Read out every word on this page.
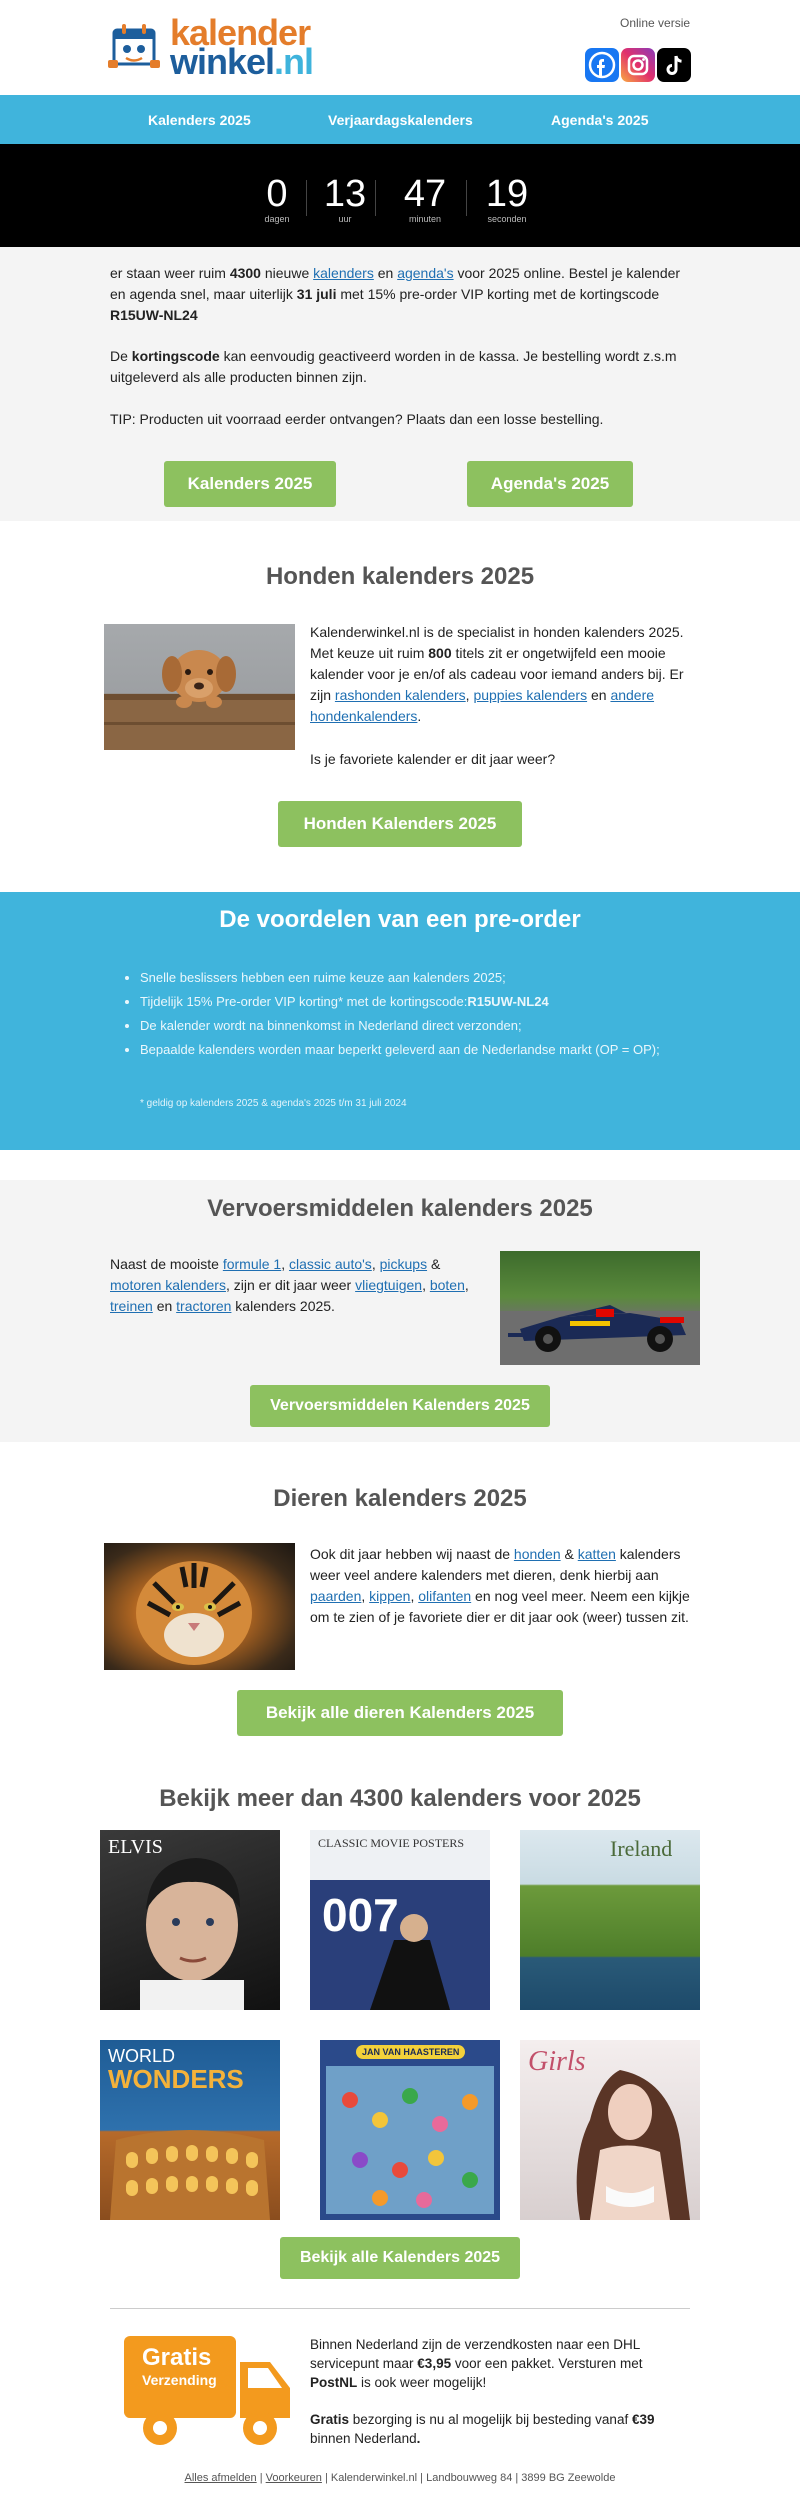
kalender
winkel.nl
Online versie
Kalenders 2025	Verjaardagskalenders	Agenda's 2025
0
dagen
13
uur
47
minuten
19
seconden
er staan weer ruim 4300 nieuwe kalenders en agenda's voor 2025 online. Bestel je kalender en agenda snel, maar uiterlijk 31 juli met 15% pre-order VIP korting met de kortingscode R15UW-NL24
De kortingscode kan eenvoudig geactiveerd worden in de kassa. Je bestelling wordt z.s.m uitgeleverd als alle producten binnen zijn.
TIP: Producten uit voorraad eerder ontvangen? Plaats dan een losse bestelling.
Kalenders 2025	Agenda's 2025
Honden kalenders 2025
Kalenderwinkel.nl is de specialist in honden kalenders 2025. Met keuze uit ruim 800 titels zit er ongetwijfeld een mooie kalender voor je en/of als cadeau voor iemand anders bij. Er zijn rashonden kalenders, puppies kalenders en andere hondenkalenders.
Is je favoriete kalender er dit jaar weer?
Honden Kalenders 2025
De voordelen van een pre-order
• Snelle beslissers hebben een ruime keuze aan kalenders 2025;
• Tijdelijk 15% Pre-order VIP korting* met de kortingscode:R15UW-NL24
• De kalender wordt na binnenkomst in Nederland direct verzonden;
• Bepaalde kalenders worden maar beperkt geleverd aan de Nederlandse markt (OP = OP);
* geldig op kalenders 2025 & agenda's 2025 t/m 31 juli 2024
Vervoersmiddelen kalenders 2025
Naast de mooiste formule 1, classic auto's, pickups & motoren kalenders, zijn er dit jaar weer vliegtuigen, boten, treinen en tractoren kalenders 2025.
Vervoersmiddelen Kalenders 2025
Dieren kalenders 2025
Ook dit jaar hebben wij naast de honden & katten kalenders weer veel andere kalenders met dieren, denk hierbij aan paarden, kippen, olifanten en nog veel meer. Neem een kijkje om te zien of je favoriete dier er dit jaar ook (weer) tussen zit.
Bekijk alle dieren Kalenders 2025
Bekijk meer dan 4300 kalenders voor 2025
ELVIS	CLASSIC MOVIE POSTERS
007
Ireland
WORLD
WONDERS
JAN VAN HAASTEREN Girls
Bekijk alle Kalenders 2025
Gratis
Verzending
Binnen Nederland zijn de verzendkosten naar een DHL servicepunt maar €3,95 voor een pakket. Versturen met PostNL is ook weer mogelijk!
Gratis bezorging is nu al mogelijk bij besteding vanaf €39 binnen Nederland.
Alles afmelden | Voorkeuren | Kalenderwinkel.nl | Landbouwweg 84 | 3899 BG Zeewolde
